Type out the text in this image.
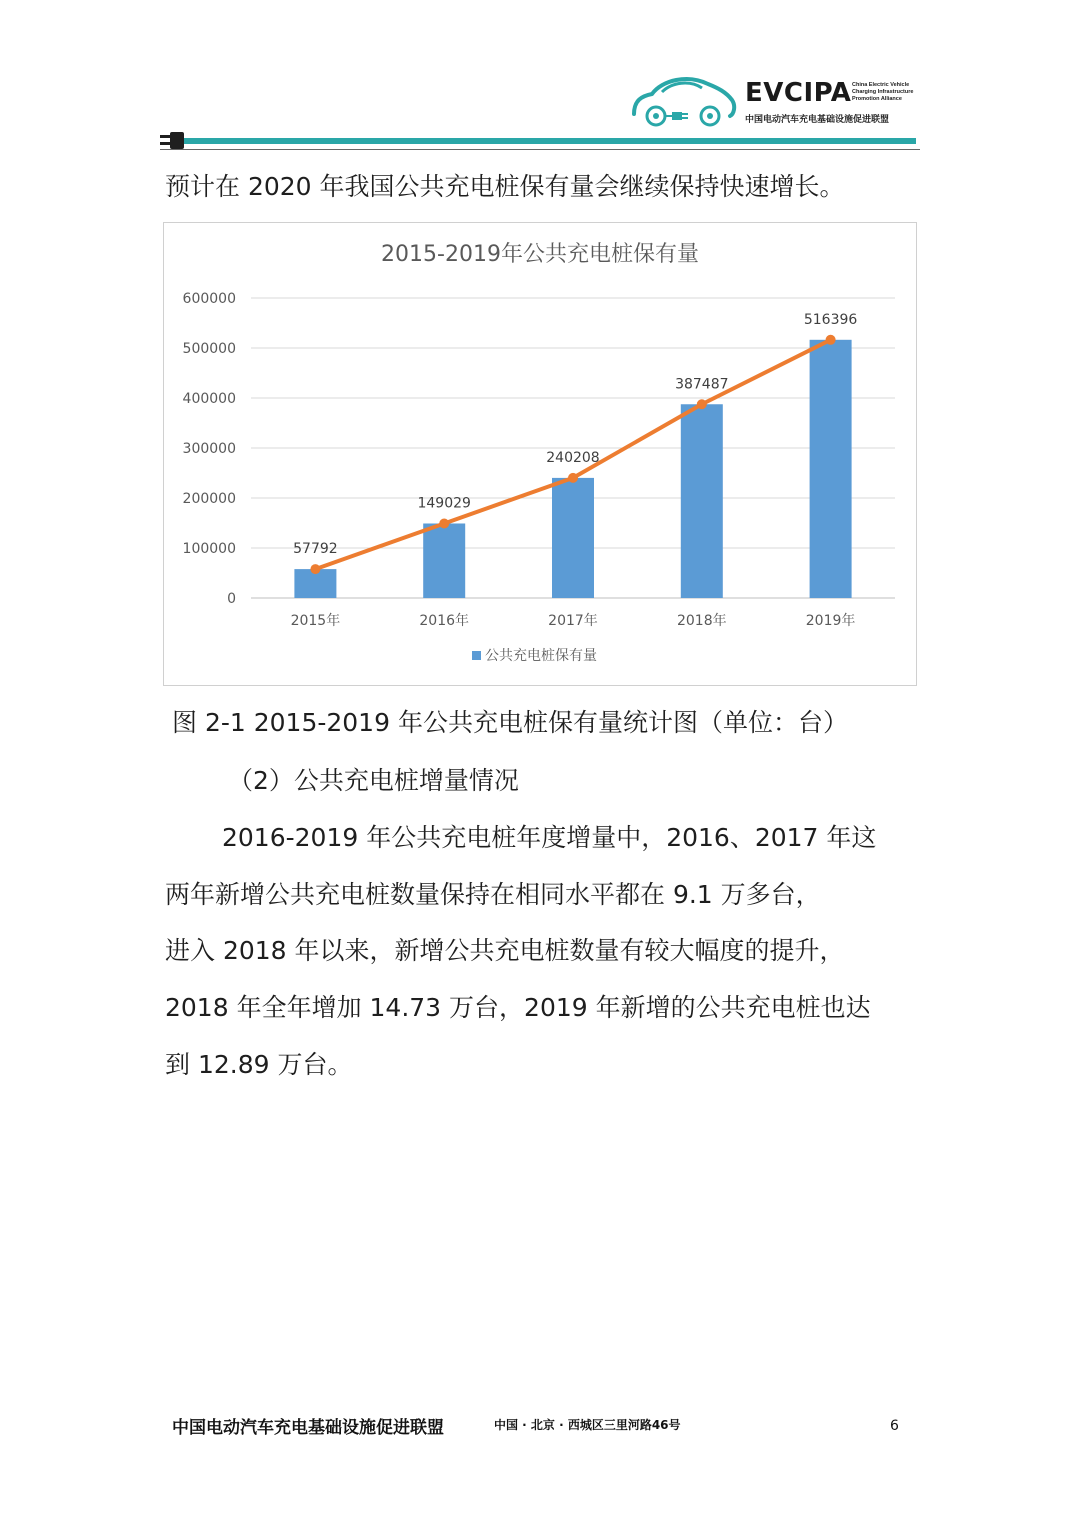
EVCIPA China Electric Vehicle
Charging Infrastructure
Promotion Alliance
中国电动汽车充电基础设施促进联盟
预计在 2020 年我国公共充电桩保有量会继续保持快速增长。
2015-2019年公共充电桩保有量
0
100000
200000
300000
400000
500000
600000
2015年	2016年	2017年	2018年	2019年
57792
149029
240208
387487
516396
公共充电桩保有量
图 2-1 2015-2019 年公共充电桩保有量统计图（单位：台）
（2）公共充电桩增量情况
2016-2019 年公共充电桩年度增量中，2016、2017 年这
两年新增公共充电桩数量保持在相同水平都在 9.1 万多台，
进入 2018 年以来，新增公共充电桩数量有较大幅度的提升，
2018 年全年增加 14.73 万台，2019 年新增的公共充电桩也达
到 12.89 万台。
中国电动汽车充电基础设施促进联盟	中国 · 北京 · 西城区三里河路46号	6
